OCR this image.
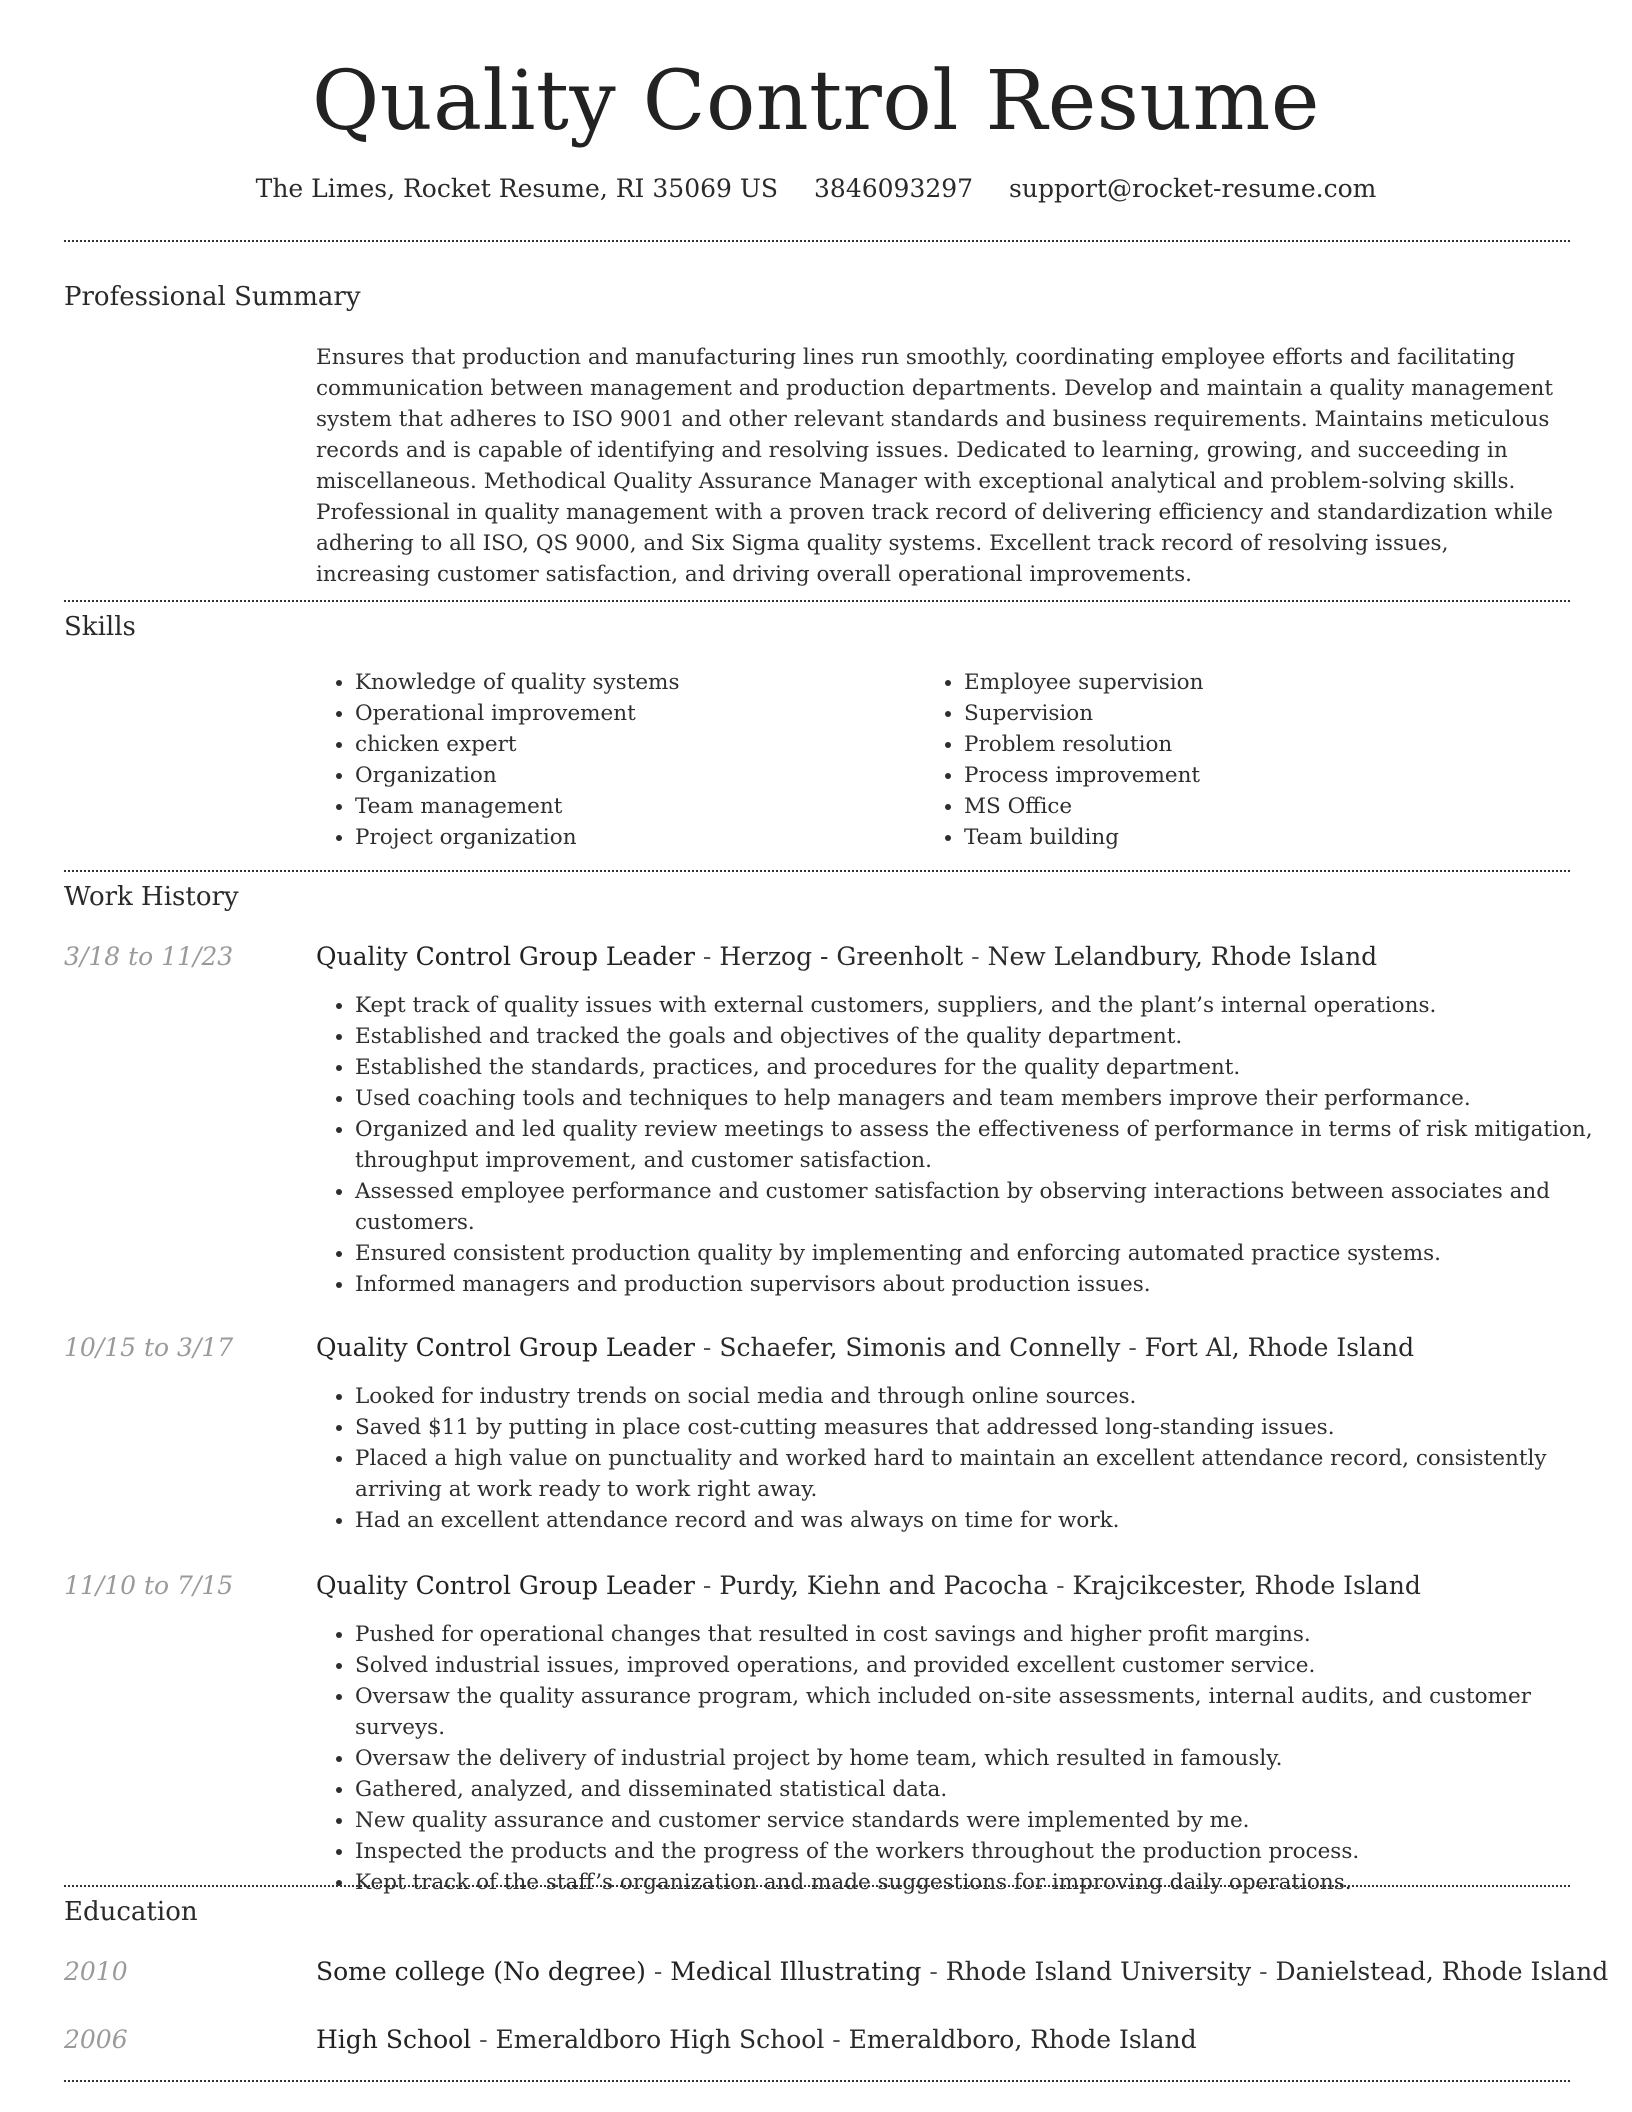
Quality Control Resume
The Limes, Rocket Resume, RI 35069 US 3846093297 support@rocket-resume.com
Professional Summary
Ensures that production and manufacturing lines run smoothly, coordinating employee efforts and facilitating communication between management and production departments. Develop and maintain a quality management system that adheres to ISO 9001 and other relevant standards and business requirements. Maintains meticulous records and is capable of identifying and resolving issues. Dedicated to learning, growing, and succeeding in miscellaneous. Methodical Quality Assurance Manager with exceptional analytical and problem-solving skills. Professional in quality management with a proven track record of delivering efficiency and standardization while adhering to all ISO, QS 9000, and Six Sigma quality systems. Excellent track record of resolving issues, increasing customer satisfaction, and driving overall operational improvements.
Skills
• Knowledge of quality systems
• Operational improvement
• chicken expert
• Organization
• Team management
• Project organization
• Employee supervision
• Supervision
• Problem resolution
• Process improvement
• MS Office
• Team building
Work History
3/18 to 11/23	Quality Control Group Leader - Herzog - Greenholt - New Lelandbury, Rhode Island
• Kept track of quality issues with external customers, suppliers, and the plant’s internal operations.
• Established and tracked the goals and objectives of the quality department.
• Established the standards, practices, and procedures for the quality department.
• Used coaching tools and techniques to help managers and team members improve their performance.
• Organized and led quality review meetings to assess the effectiveness of performance in terms of risk mitigation, throughput improvement, and customer satisfaction.
• Assessed employee performance and customer satisfaction by observing interactions between associates and customers.
• Ensured consistent production quality by implementing and enforcing automated practice systems.
• Informed managers and production supervisors about production issues.
10/15 to 3/17	Quality Control Group Leader - Schaefer, Simonis and Connelly - Fort Al, Rhode Island
• Looked for industry trends on social media and through online sources.
• Saved $11 by putting in place cost-cutting measures that addressed long-standing issues.
• Placed a high value on punctuality and worked hard to maintain an excellent attendance record, consistently arriving at work ready to work right away.
• Had an excellent attendance record and was always on time for work.
11/10 to 7/15	Quality Control Group Leader - Purdy, Kiehn and Pacocha - Krajcikcester, Rhode Island
• Pushed for operational changes that resulted in cost savings and higher profit margins.
• Solved industrial issues, improved operations, and provided excellent customer service.
• Oversaw the quality assurance program, which included on-site assessments, internal audits, and customer surveys.
• Oversaw the delivery of industrial project by home team, which resulted in famously.
• Gathered, analyzed, and disseminated statistical data.
• New quality assurance and customer service standards were implemented by me.
• Inspected the products and the progress of the workers throughout the production process.
• Kept track of the staff’s organization and made suggestions for improving daily operations.
Education
2010	Some college (No degree) - Medical Illustrating - Rhode Island University - Danielstead, Rhode Island
2006	High School - Emeraldboro High School - Emeraldboro, Rhode Island
